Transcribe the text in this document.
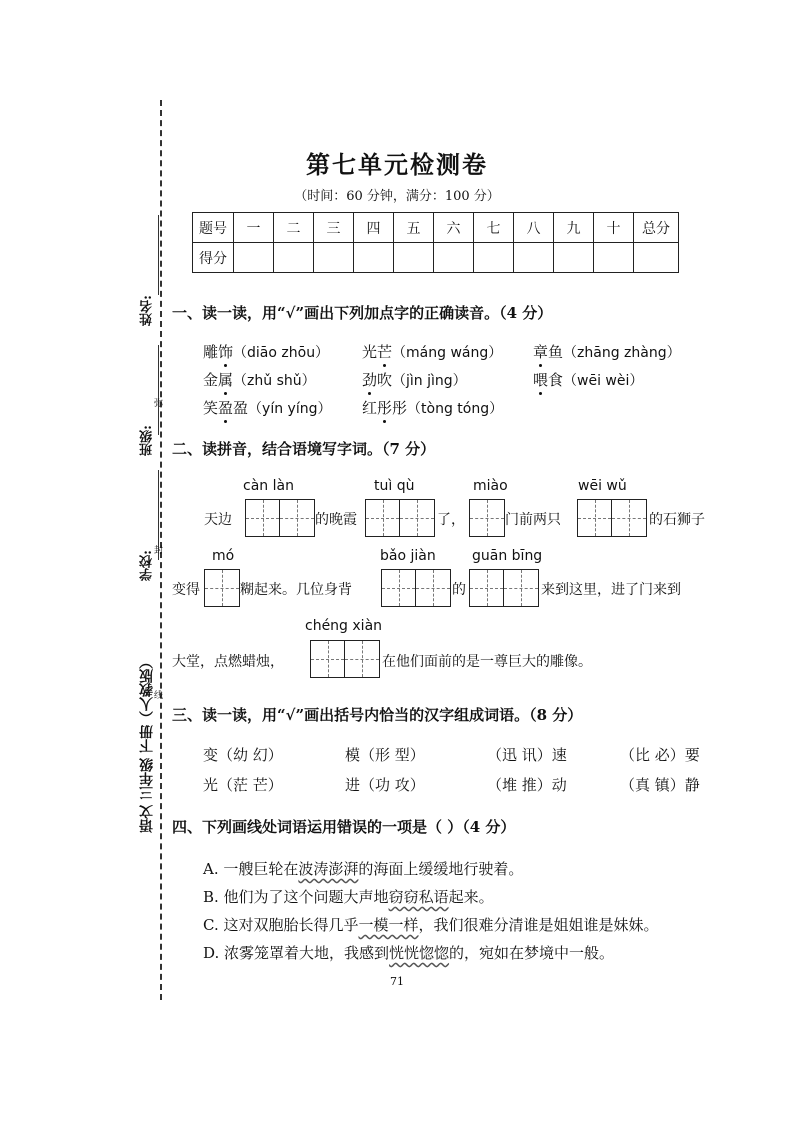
姓名:
班级:
学校:
语文 三年级 下册（人教版）
弥
封
线
第七单元检测卷
（时间：60 分钟，满分：100 分）
题号	一	二	三	四	五	六	七	八	九	十	总分
得分											
一、读一读，用“√”画出下列加点字的正确读音。（4 分）
雕饰（diāo zhōu） 光芒（máng wáng） 章鱼（zhāng zhàng）
金属（zhǔ shǔ）	劲吹（jìn jìng）	喂食（wēi wèi）
笑盈盈（yín yíng） 红彤彤（tòng tóng）
二、读拼音，结合语境写字词。（7 分）
càn làn	tuì qù	miào	wēi wǔ
mó	bǎo jiàn	guān bīng
chéng xiàn
天边	的晚霞	了，	门前两只	的石狮子
变得	糊起来。几位身背	的	来到这里，进了门来到
大堂，点燃蜡烛，	在他们面前的是一尊巨大的雕像。
三、读一读，用“√”画出括号内恰当的汉字组成词语。（8 分）
变（幼 幻）	模（形 型）	（迅 讯）速	（比 必）要
光（茫 芒）	进（功 攻）	（堆 推）动	（真 镇）静
四、下列画线处词语运用错误的一项是（ ）（4 分）
A. 一艘巨轮在波涛澎湃的海面上缓缓地行驶着。
B. 他们为了这个问题大声地窃窃私语起来。
C. 这对双胞胎长得几乎一模一样，我们很难分清谁是姐姐谁是妹妹。
D. 浓雾笼罩着大地，我感到恍恍惚惚的，宛如在梦境中一般。
71
